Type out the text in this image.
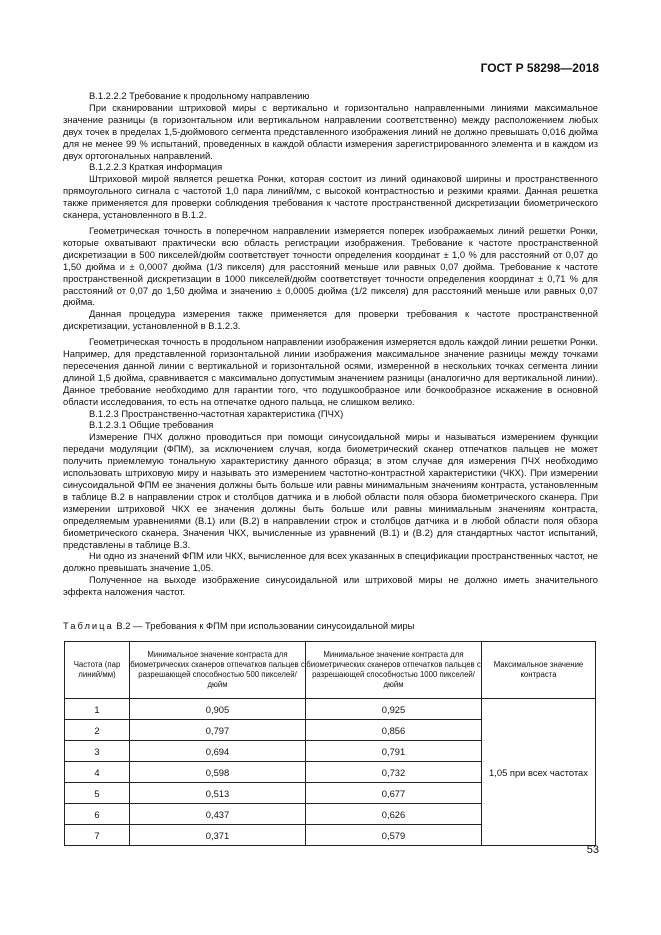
ГОСТ Р 58298—2018

В.1.2.2.2 Требование к продольному направлению

При сканировании штриховой миры с вертикально и горизонтально направленными линиями максимальное значение разницы (в горизонтальном или вертикальном направлении соответственно) между расположением любых двух точек в пределах 1,5-дюймового сегмента представленного изображения линий не должно превышать 0,016 дюйма для не менее 99 % испытаний, проведенных в каждой области измерения зарегистрированного элемента и в каждом из двух ортогональных направлений.

В.1.2.2.3 Краткая информация

Штриховой мирой является решетка Ронки, которая состоит из линий одинаковой ширины и пространственного прямоугольного сигнала с частотой 1,0 пара линий/мм, с высокой контрастностью и резкими краями. Данная решетка также применяется для проверки соблюдения требования к частоте пространственной дискретизации биометрического сканера, установленного в В.1.2.

Геометрическая точность в поперечном направлении измеряется поперек изображаемых линий решетки Ронки, которые охватывают практически всю область регистрации изображения. Требование к частоте пространственной дискретизации в 500 пикселей/дюйм соответствует точности определения координат ± 1,0 % для расстояний от 0,07 до 1,50 дюйма и ± 0,0007 дюйма (1/3 пикселя) для расстояний меньше или равных 0,07 дюйма. Требование к частоте пространственной дискретизации в 1000 пикселей/дюйм соответствует точности определения координат ± 0,71 % для расстояний от 0,07 до 1,50 дюйма и значению ± 0,0005 дюйма (1/2 пикселя) для расстояний меньше или равных 0,07 дюйма.

Данная процедура измерения также применяется для проверки требования к частоте пространственной дискретизации, установленной в В.1.2.3.

Геометрическая точность в продольном направлении изображения измеряется вдоль каждой линии решетки Ронки. Например, для представленной горизонтальной линии изображения максимальное значение разницы между точками пересечения данной линии с вертикальной и горизонтальной осями, измеренной в нескольких точках сегмента линии длиной 1,5 дюйма, сравнивается с максимально допустимым значением разницы (аналогично для вертикальной линии). Данное требование необходимо для гарантии того, что подушкообразное или бочкообразное искажение в основной области исследования, то есть на отпечатке одного пальца, не слишком велико.

В.1.2.3 Пространственно-частотная характеристика (ПЧХ)

В.1.2.3.1 Общие требования

Измерение ПЧХ должно проводиться при помощи синусоидальной миры и называться измерением функции передачи модуляции (ФПМ), за исключением случая, когда биометрический сканер отпечатков пальцев не может получить приемлемую тональную характеристику данного образца; в этом случае для измерения ПЧХ необходимо использовать штриховую миру и называть это измерением частотно-контрастной характеристики (ЧКХ). При измерении синусоидальной ФПМ ее значения должны быть больше или равны минимальным значениям контраста, установленным в таблице В.2 в направлении строк и столбцов датчика и в любой области поля обзора биометрического сканера. При измерении штриховой ЧКХ ее значения должны быть больше или равны минимальным значениям контраста, определяемым уравнениями (В.1) или (В.2) в направлении строк и столбцов датчика и в любой области поля обзора биометрического сканера. Значения ЧКХ, вычисленные из уравнений (В.1) и (В.2) для стандартных частот испытаний, представлены в таблице В.3.

Ни одно из значений ФПМ или ЧКХ, вычисленное для всех указанных в спецификации пространственных частот, не должно превышать значение 1,05.

Полученное на выходе изображение синусоидальной или штриховой миры не должно иметь значительного эффекта наложения частот.

Таблица В.2 — Требования к ФПМ при использовании синусоидальной миры
Частота (пар линий/мм)	Минимальное значение контраста для биометрических сканеров отпечатков пальцев с разрешающей способностью 500 пикселей/дюйм	Минимальное значение контраста для биометрических сканеров отпечатков пальцев с разрешающей способностью 1000 пикселей/дюйм	Максимальное значение контраста
1	0,905	0,925	1,05 при всех частотах
2	0,797	0,856	
3	0,694	0,791	
4	0,598	0,732	
5	0,513	0,677	
6	0,437	0,626	
7	0,371	0,579	
53
